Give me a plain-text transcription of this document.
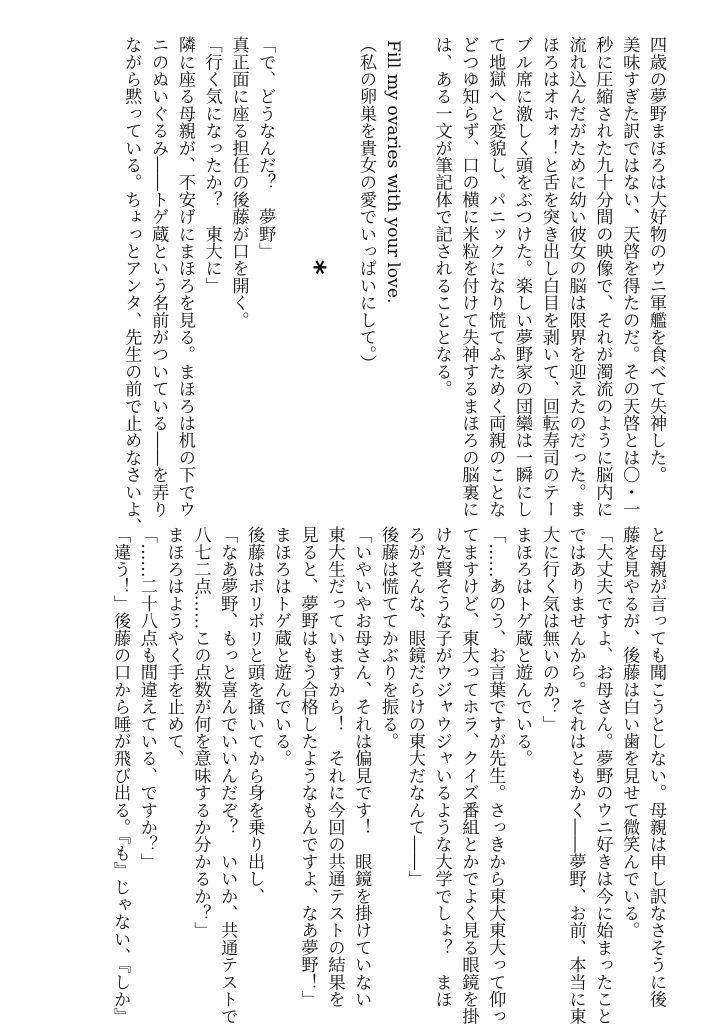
四歳の夢野まほろは大好物のウニ軍艦を食べて失神した。
美味すぎた訳ではない、天啓を得たのだ。その天啓とは〇・一
秒に圧縮された九十分間の映像で、それが濁流のように脳内に
流れ込んだがために幼い彼女の脳は限界を迎えたのだった。ま
ほろはオホォ！と舌を突き出し白目を剥いて、回転寿司のテー
ブル席に激しく頭をぶつけた。楽しい夢野家の団欒は一瞬にし
て地獄へと変貌し、パニックになり慌てふためく両親のことな
どつゆ知らず、口の横に米粒を付けて失神するまほろの脳裏に
は、ある一文が筆記体で記されることとなる。
Fill my ovaries with your love.
（私の卵巣を貴女の愛でいっぱいにして。）
*
「で、どうなんだ？　夢野」
真正面に座る担任の後藤が口を開く。
「行く気になったか？　東大に」
隣に座る母親が、不安げにまほろを見る。まほろは机の下でウ
ニのぬいぐるみ――トゲ蔵という名前がついている――を弄り
ながら黙っている。ちょっとアンタ、先生の前で止めなさいよ、
と母親が言っても聞こうとしない。母親は申し訳なさそうに後
藤を見やるが、後藤は白い歯を見せて微笑んでいる。
「大丈夫ですよ、お母さん。夢野のウニ好きは今に始まったこと
ではありませんから。それはともかく――夢野、お前、本当に東
大に行く気は無いのか？」
まほろはトゲ蔵と遊んでいる。
「……あのう、お言葉ですが先生。さっきから東大東大って仰っ
てますけど、東大ってホラ、クイズ番組とかでよく見る眼鏡を掛
けた賢そうな子がウジャウジャいるような大学でしょ？　まほ
ろがそんな、眼鏡だらけの東大だなんて――」
後藤は慌ててかぶりを振る。
「いやいやお母さん、それは偏見です！　眼鏡を掛けていない
東大生だっていますから！　それに今回の共通テストの結果を
見ると、夢野はもう合格したようなもんですよ、なあ夢野！」
まほろはトゲ蔵と遊んでいる。
後藤はボリボリと頭を掻いてから身を乗り出し、
「なあ夢野、もっと喜んでいいんだぞ？　いいか、共通テストで
八七二点……この点数が何を意味するか分かるか？」
まほろはようやく手を止めて、
「……二十八点も間違えている、ですか？」
「違う！」後藤の口から唾が飛び出る。『も』じゃない、『しか』
